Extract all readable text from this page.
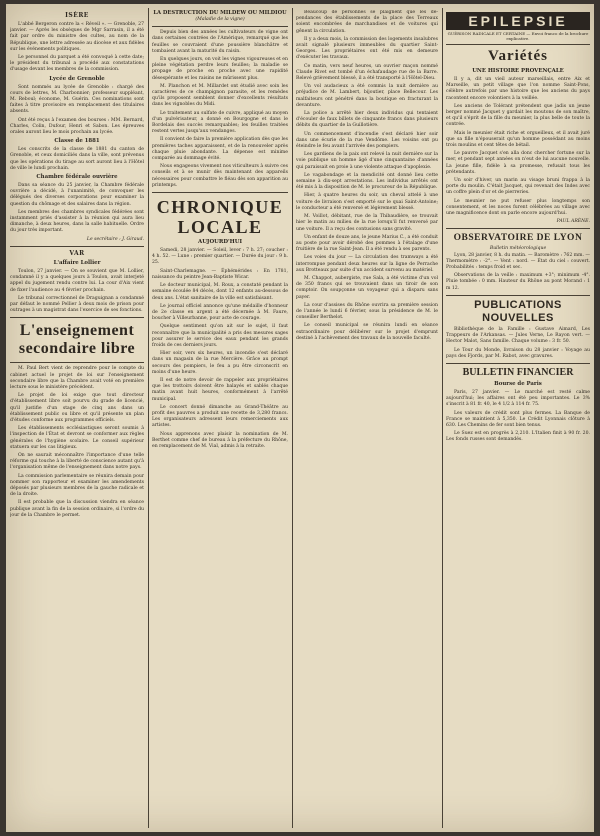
ISÈRE

L'abbé Bergeron contre la « Réveil ». — Grenoble, 27 janvier. — Après les obsèques de Mgr Sarrasin, il a été fait par ordre du ministre des cultes, au nom de la République, une lettre adressée au diocèse et aux fidèles sur les événements politiques.

Le personnel du parquet a été convoqué à cette date; le président du tribunal a procédé aux constatations d'usage devant les membres de la commission.

Lycée de Grenoble

Sont nommés au lycée de Grenoble : chargé des cours de lettres, M. Charbonnier; professeur suppléant, M. Reboul; économe, M. Guérin. Ces nominations sont faites à titre provisoire en remplacement des titulaires absents.

Ont été reçus à l'examen des bourses : MM. Bernard, Charles, Colin, Dufour, Henri et Sabon. Les épreuves orales auront lieu le mois prochain au lycée.

Classe de 1881

Les conscrits de la classe de 1881 du canton de Grenoble, et ceux domiciliés dans la ville, sont prévenus que les opérations du tirage au sort auront lieu à l'Hôtel de ville le lundi prochain.

Chambre fédérale ouvrière

Dans sa séance du 25 janvier, la Chambre fédérale ouvrière a décidé, à l'unanimité, de convoquer les délégués des diverses corporations pour examiner la question du chômage et des salaires dans la région.

Les membres des chambres syndicales fédérées sont instamment priés d'assister à la réunion qui aura lieu dimanche, à deux heures, dans la salle habituelle. Ordre du jour très important.

Le secrétaire : J. Giraud.

VAR
L'affaire Lollier

Toulon, 27 janvier. — On se souvient que M. Lollier, condamné il y a quelques jours à Toulon, avait interjeté appel du jugement rendu contre lui. La cour d'Aix vient de fixer l'audience au 4 février prochain.

Le tribunal correctionnel de Draguignan a condamné par défaut le nommé Pellier à deux mois de prison pour outrages à un magistrat dans l'exercice de ses fonctions.

L'enseignement secondaire libre

M. Paul Bert vient de reprendre pour le compte du cabinet actuel le projet de loi sur l'enseignement secondaire libre que la Chambre avait voté en première lecture sous le ministère précédent.

Le projet de loi exige que tout directeur d'établissement libre soit pourvu du grade de licencié, qu'il justifie d'un stage de cinq ans dans un établissement public ou libre et qu'il présente un plan d'études conforme aux programmes officiels.

Les établissements ecclésiastiques seront soumis à l'inspection de l'État et devront se conformer aux règles générales de l'hygiène scolaire. Le conseil supérieur statuera sur les cas litigieux.

On ne saurait méconnaître l'importance d'une telle réforme qui touche à la liberté de conscience autant qu'à l'organisation même de l'enseignement dans notre pays.

La commission parlementaire se réunira demain pour nommer son rapporteur et examiner les amendements déposés par plusieurs membres de la gauche radicale et de la droite.

Il est probable que la discussion viendra en séance publique avant la fin de la session ordinaire, si l'ordre du jour de la Chambre le permet.

LA DESTRUCTION DU MILDEW OU MILDIOU
(Maladie de la vigne)

Depuis bien des années les cultivateurs de vigne ont dans certaines contrées de l'Amérique, remarqué que les feuilles se couvraient d'une poussière blanchâtre et tombaient avant la maturité du raisin.

En quelques jours, on voit les vignes vigoureuses et en pleine végétation perdre leurs feuilles; la maladie se propage de proche en proche avec une rapidité désespérante et les raisins ne mûrissent plus.

M. Planchon et M. Millardet ont étudié avec soin les caractères de ce champignon parasite, et les remèdes qu'ils proposent semblent donner d'excellents résultats dans les vignobles du Midi.

Le traitement au sulfate de cuivre, appliqué au moyen d'un pulvérisateur, a donné en Bourgogne et dans le Bordelais des succès remarquables; les feuilles traitées restent vertes jusqu'aux vendanges.

Il convient de faire la première application dès que les premières taches apparaissent, et de la renouveler après chaque pluie abondante. La dépense est minime comparée au dommage évité.

Nous engageons vivement nos viticulteurs à suivre ces conseils et à se munir dès maintenant des appareils nécessaires pour combattre le fléau dès son apparition au printemps.

CHRONIQUE LOCALE
AUJOURD'HUI

Samedi, 28 janvier. — Soleil, lever : 7 h. 27; coucher : 4 h. 52. — Lune : premier quartier. — Durée du jour : 9 h. 25.

Saint-Charlemagne. — Éphémérides : En 1781, naissance du peintre Jean-Baptiste Wicar.

Le docteur municipal, M. Roux, a constaté pendant la semaine écoulée 84 décès, dont 12 enfants au-dessous de deux ans. L'état sanitaire de la ville est satisfaisant.

Le journal officiel annonce qu'une médaille d'honneur de 2e classe en argent a été décernée à M. Faure, boucher à Villeurbanne, pour acte de courage.

Quelque sentiment qu'on ait sur le sujet, il faut reconnaître que la municipalité a pris des mesures sages pour assurer le service des eaux pendant les grands froids de ces derniers jours.

Hier soir, vers six heures, un incendie s'est déclaré dans un magasin de la rue Mercière. Grâce au prompt secours des pompiers, le feu a pu être circonscrit en moins d'une heure.

Il est de notre devoir de rappeler aux propriétaires que les trottoirs doivent être balayés et sablés chaque matin avant huit heures, conformément à l'arrêté municipal.

Le concert donné dimanche au Grand-Théâtre au profit des pauvres a produit une recette de 3,280 francs. Les organisateurs adressent leurs remerciements aux artistes.

Nous apprenons avec plaisir la nomination de M. Berthet comme chef de bureau à la préfecture du Rhône, en remplacement de M. Vial, admis à la retraite.

Beaucoup de personnes se plaignent que les dé-pendances des établissements de la place des Terreaux soient encombrées de marchandises et de voitures qui gênent la circulation.

Il y a deux mois, la commission des logements insalubres avait signalé plusieurs immeubles du quartier Saint-Georges. Les propriétaires ont été mis en demeure d'exécuter les travaux.

Ce matin, vers neuf heures, un ouvrier maçon nommé Claude Rivet est tombé d'un échafaudage rue de la Barre. Relevé grièvement blessé, il a été transporté à l'Hôtel-Dieu.

Un vol audacieux a été commis la nuit dernière au préjudice de M. Lambert, bijoutier, place Bellecour. Les malfaiteurs ont pénétré dans la boutique en fracturant la devanture.

La police a arrêté hier deux individus qui tentaient d'écouler de faux billets de cinquante francs dans plusieurs débits du quartier de la Guillotière.

Un commencement d'incendie s'est déclaré hier soir dans une écurie de la rue Vendôme. Les voisins ont pu éteindre le feu avant l'arrivée des pompiers.

Les gardiens de la paix ont relevé la nuit dernière sur la voie publique un homme âgé d'une cinquantaine d'années qui paraissait en proie à une violente attaque d'apoplexie.

Le vagabondage et la mendicité ont donné lieu cette semaine à dix-sept arrestations. Les individus arrêtés ont été mis à la disposition de M. le procureur de la République.

Hier, à quatre heures du soir, un cheval attelé à une voiture de livraison s'est emporté sur le quai Saint-Antoine; le conducteur a été renversé et légèrement blessé.

M. Voillot, débitant, rue de la Thibaudière, se trouvait hier le matin au milieu de la rue lorsqu'il fut renversé par une voiture. Il a reçu des contusions sans gravité.

Un enfant de douze ans, le jeune Marius C., a été conduit au poste pour avoir dérobé des pommes à l'étalage d'une fruitière de la rue Saint-Jean. Il a été rendu à ses parents.

Les voies du jour — La circulation des tramways a été interrompue pendant deux heures sur la ligne de Perrache aux Brotteaux par suite d'un accident survenu au matériel.

M. Chappot, aubergiste, rue Sala, a été victime d'un vol de 350 francs qui se trouvaient dans un tiroir de son comptoir. On soupçonne un voyageur qui a disparu sans payer.

La cour d'assises du Rhône ouvrira sa première session de l'année le lundi 6 février, sous la présidence de M. le conseiller Berthelot.

Le conseil municipal se réunira lundi en séance extraordinaire pour délibérer sur le projet d'emprunt destiné à l'achèvement des travaux de la nouvelle faculté.

EPILEPSIE
GUÉRISON RADICALE ET CERTAINE — Envoi franco de la brochure explicative.
Variétés
UNE HISTOIRE PROVENÇALE

Il y a, dit un vieil auteur marseillais, entre Aix et Marseille, un petit village que l'on nomme Saint-Pons, célèbre autrefois par une histoire que les anciens du pays racontent encore volontiers à la veillée.

Les anciens de Tolérant prétendent que jadis un jeune berger nommé Jacquet y gardait les moutons de son maître, et qu'il s'éprit de la fille du meunier, la plus belle de toute la contrée.

Mais le meunier était riche et orgueilleux, et il avait juré que sa fille n'épouserait qu'un homme possédant au moins trois moulins et cent têtes de bétail.

Le pauvre Jacquet s'en alla donc chercher fortune sur la mer, et pendant sept années on n'eut de lui aucune nouvelle. La jeune fille, fidèle à sa promesse, refusait tous les prétendants.

Un soir d'hiver, un marin au visage bruni frappa à la porte du moulin. C'était Jacquet, qui revenait des Indes avec un coffre plein d'or et de pierreries.

Le meunier ne put refuser plus longtemps son consentement, et les noces furent célébrées au village avec une magnificence dont on parle encore aujourd'hui.

PAUL ARÈNE.

OBSERVATOIRE DE LYON
Bulletin météorologique

Lyon, 28 janvier, 8 h. du matin. — Baromètre : 762 mm. — Thermomètre : -2°. — Vent : nord. — État du ciel : couvert. Probabilités : temps froid et sec.

Observations de la veille : maximum +3°; minimum -4°. Pluie tombée : 0 mm. Hauteur du Rhône au pont Morand : 1 m 12.

PUBLICATIONS NOUVELLES

Bibliothèque de la Famille : Gustave Aimard, Les Trappeurs de l'Arkansas. — Jules Verne, Le Rayon vert. — Hector Malot, Sans famille. Chaque volume : 3 fr. 50.

Le Tour du Monde, livraison du 28 janvier : Voyage au pays des Fjords, par M. Rabot, avec gravures.

BULLETIN FINANCIER
Bourse de Paris

Paris, 27 janvier. — Le marché est resté calme aujourd'hui; les affaires ont été peu importantes. Le 3% s'inscrit à 81 fr. 40, le 4 1/2 à 114 fr. 75.

Les valeurs de crédit sont plus fermes. La Banque de France se maintient à 5,350. Le Crédit Lyonnais clôture à 630. Les Chemins de fer sont bien tenus.

Le Suez est en progrès à 2,210. L'Italien finit à 90 fr. 20. Les fonds russes sont demandés.
